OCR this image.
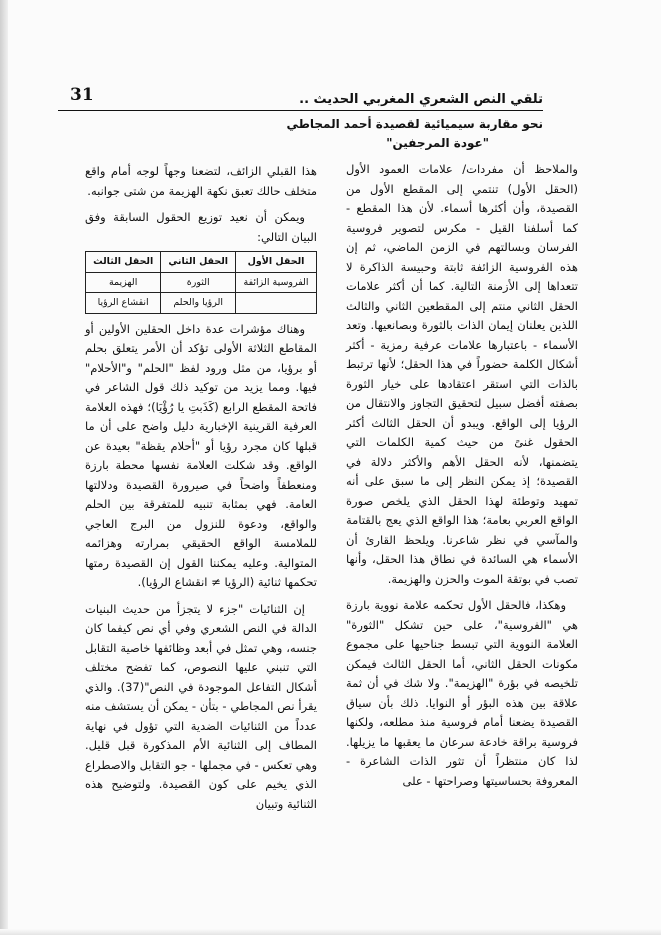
31	تلقي النص الشعري المغربي الحديث ..
نحو مقاربة سيميائية لقصيدة أحمد المجاطي
"عودة المرجفين"

والملاحظ أن مفردات/ علامات العمود الأول (الحقل الأول) تنتمي إلى المقطع الأول من القصيدة، وأن أكثرها أسماء. لأن هذا المقطع - كما أسلفنا القيل - مكرس لتصوير فروسية الفرسان وبسالتهم في الزمن الماضي، ثم إن هذه الفروسية الزائفة ثابتة وحبيسة الذاكرة لا تتعداها إلى الأزمنة التالية. كما أن أكثر علامات الحقل الثاني منتم إلى المقطعين الثاني والثالث اللذين يعلنان إيمان الذات بالثورة وبصانعيها. وتعد الأسماء - باعتبارها علامات عرفية رمزية - أكثر أشكال الكلمة حضوراً في هذا الحقل؛ لأنها ترتبط بالذات التي استقر اعتقادها على خيار الثورة بصفته أفضل سبيل لتحقيق التجاوز والانتقال من الرؤيا إلى الواقع. ويبدو أن الحقل الثالث أكثر الحقول غنىً من حيث كمية الكلمات التي يتضمنها، لأنه الحقل الأهم والأكثر دلالة في القصيدة؛ إذ يمكن النظر إلى ما سبق على أنه تمهيد وتوطئة لهذا الحقل الذي يلخص صورة الواقع العربي بعامة؛ هذا الواقع الذي يعج بالقتامة والمآسي في نظر شاعرنا. ويلحظ القارئ أن الأسماء هي السائدة في نطاق هذا الحقل، وأنها تصب في بوتقة الموت والحزن والهزيمة.

وهكذا، فالحقل الأول تحكمه علامة نووية بارزة هي "الفروسية"، على حين تشكل "الثورة" العلامة النووية التي تبسط جناحيها على مجموع مكونات الحقل الثاني، أما الحقل الثالث فيمكن تلخيصه في بؤرة "الهزيمة". ولا شك في أن ثمة علاقة بين هذه البؤر أو النوايا. ذلك بأن سياق القصيدة يضعنا أمام فروسية منذ مطلعه، ولكنها فروسية براقة خادعة سرعان ما يعقبها ما يزيلها. لذا كان منتظراً أن تثور الذات الشاعرة - المعروفة بحساسيتها وصراحتها - على

هذا القبلي الزائف، لتضعنا وجهاً لوجه أمام واقع متخلف حالك تعبق نكهة الهزيمة من شتى جوانبه.

ويمكن أن نعيد توزيع الحقول السابقة وفق البيان التالي:

الحقل الأول	الحقل الثاني	الحقل الثالث
الفروسية الزائفة	الثورة	الهزيمة
	الرؤيا والحلم	انقشاع الرؤيا

وهناك مؤشرات عدة داخل الحقلين الأولين أو المقاطع الثلاثة الأولى تؤكد أن الأمر يتعلق بحلم أو برؤيا، من مثل ورود لفظ "الحلم" و"الأحلام" فيها. ومما يزيد من توكيد ذلك قول الشاعر في فاتحة المقطع الرابع (كَذَبتِ يا رُؤْيَا)؛ فهذه العلامة العرفية القرينية الإخبارية دليل واضح على أن ما قبلها كان مجرد رؤيا أو "أحلام يقظة" بعيدة عن الواقع. وقد شكلت العلامة نفسها محطة بارزة ومنعطفاً واضحاً في صيرورة القصيدة ودلالتها العامة. فهي بمثابة تنبيه للمتفرقة بين الحلم والواقع، ودعوة للنزول من البرج العاجي للملامسة الواقع الحقيقي بمرارته وهزائمه المتوالية. وعليه يمكننا القول إن القصيدة رمتها تحكمها ثنائية (الرؤيا ≠ انقشاع الرؤيا).

إن الثنائيات "جزء لا يتجزأ من حديث البنيات الدالة في النص الشعري وفي أي نص كيفما كان جنسه، وهي تمثل في أبعد وظائفها خاصية التقابل التي تنبني عليها النصوص، كما تفضح مختلف أشكال التفاعل الموجودة في النص"(37). والذي يقرأ نص المجاطي - بتأن - يمكن أن يستشف منه عدداً من الثنائيات الضدية التي تؤول في نهاية المطاف إلى الثنائية الأم المذكورة قبل قليل. وهي تعكس - في مجملها - جو التقابل والاصطراع الذي يخيم على كون القصيدة. ولتوضيح هذه الثنائية وتبيان
